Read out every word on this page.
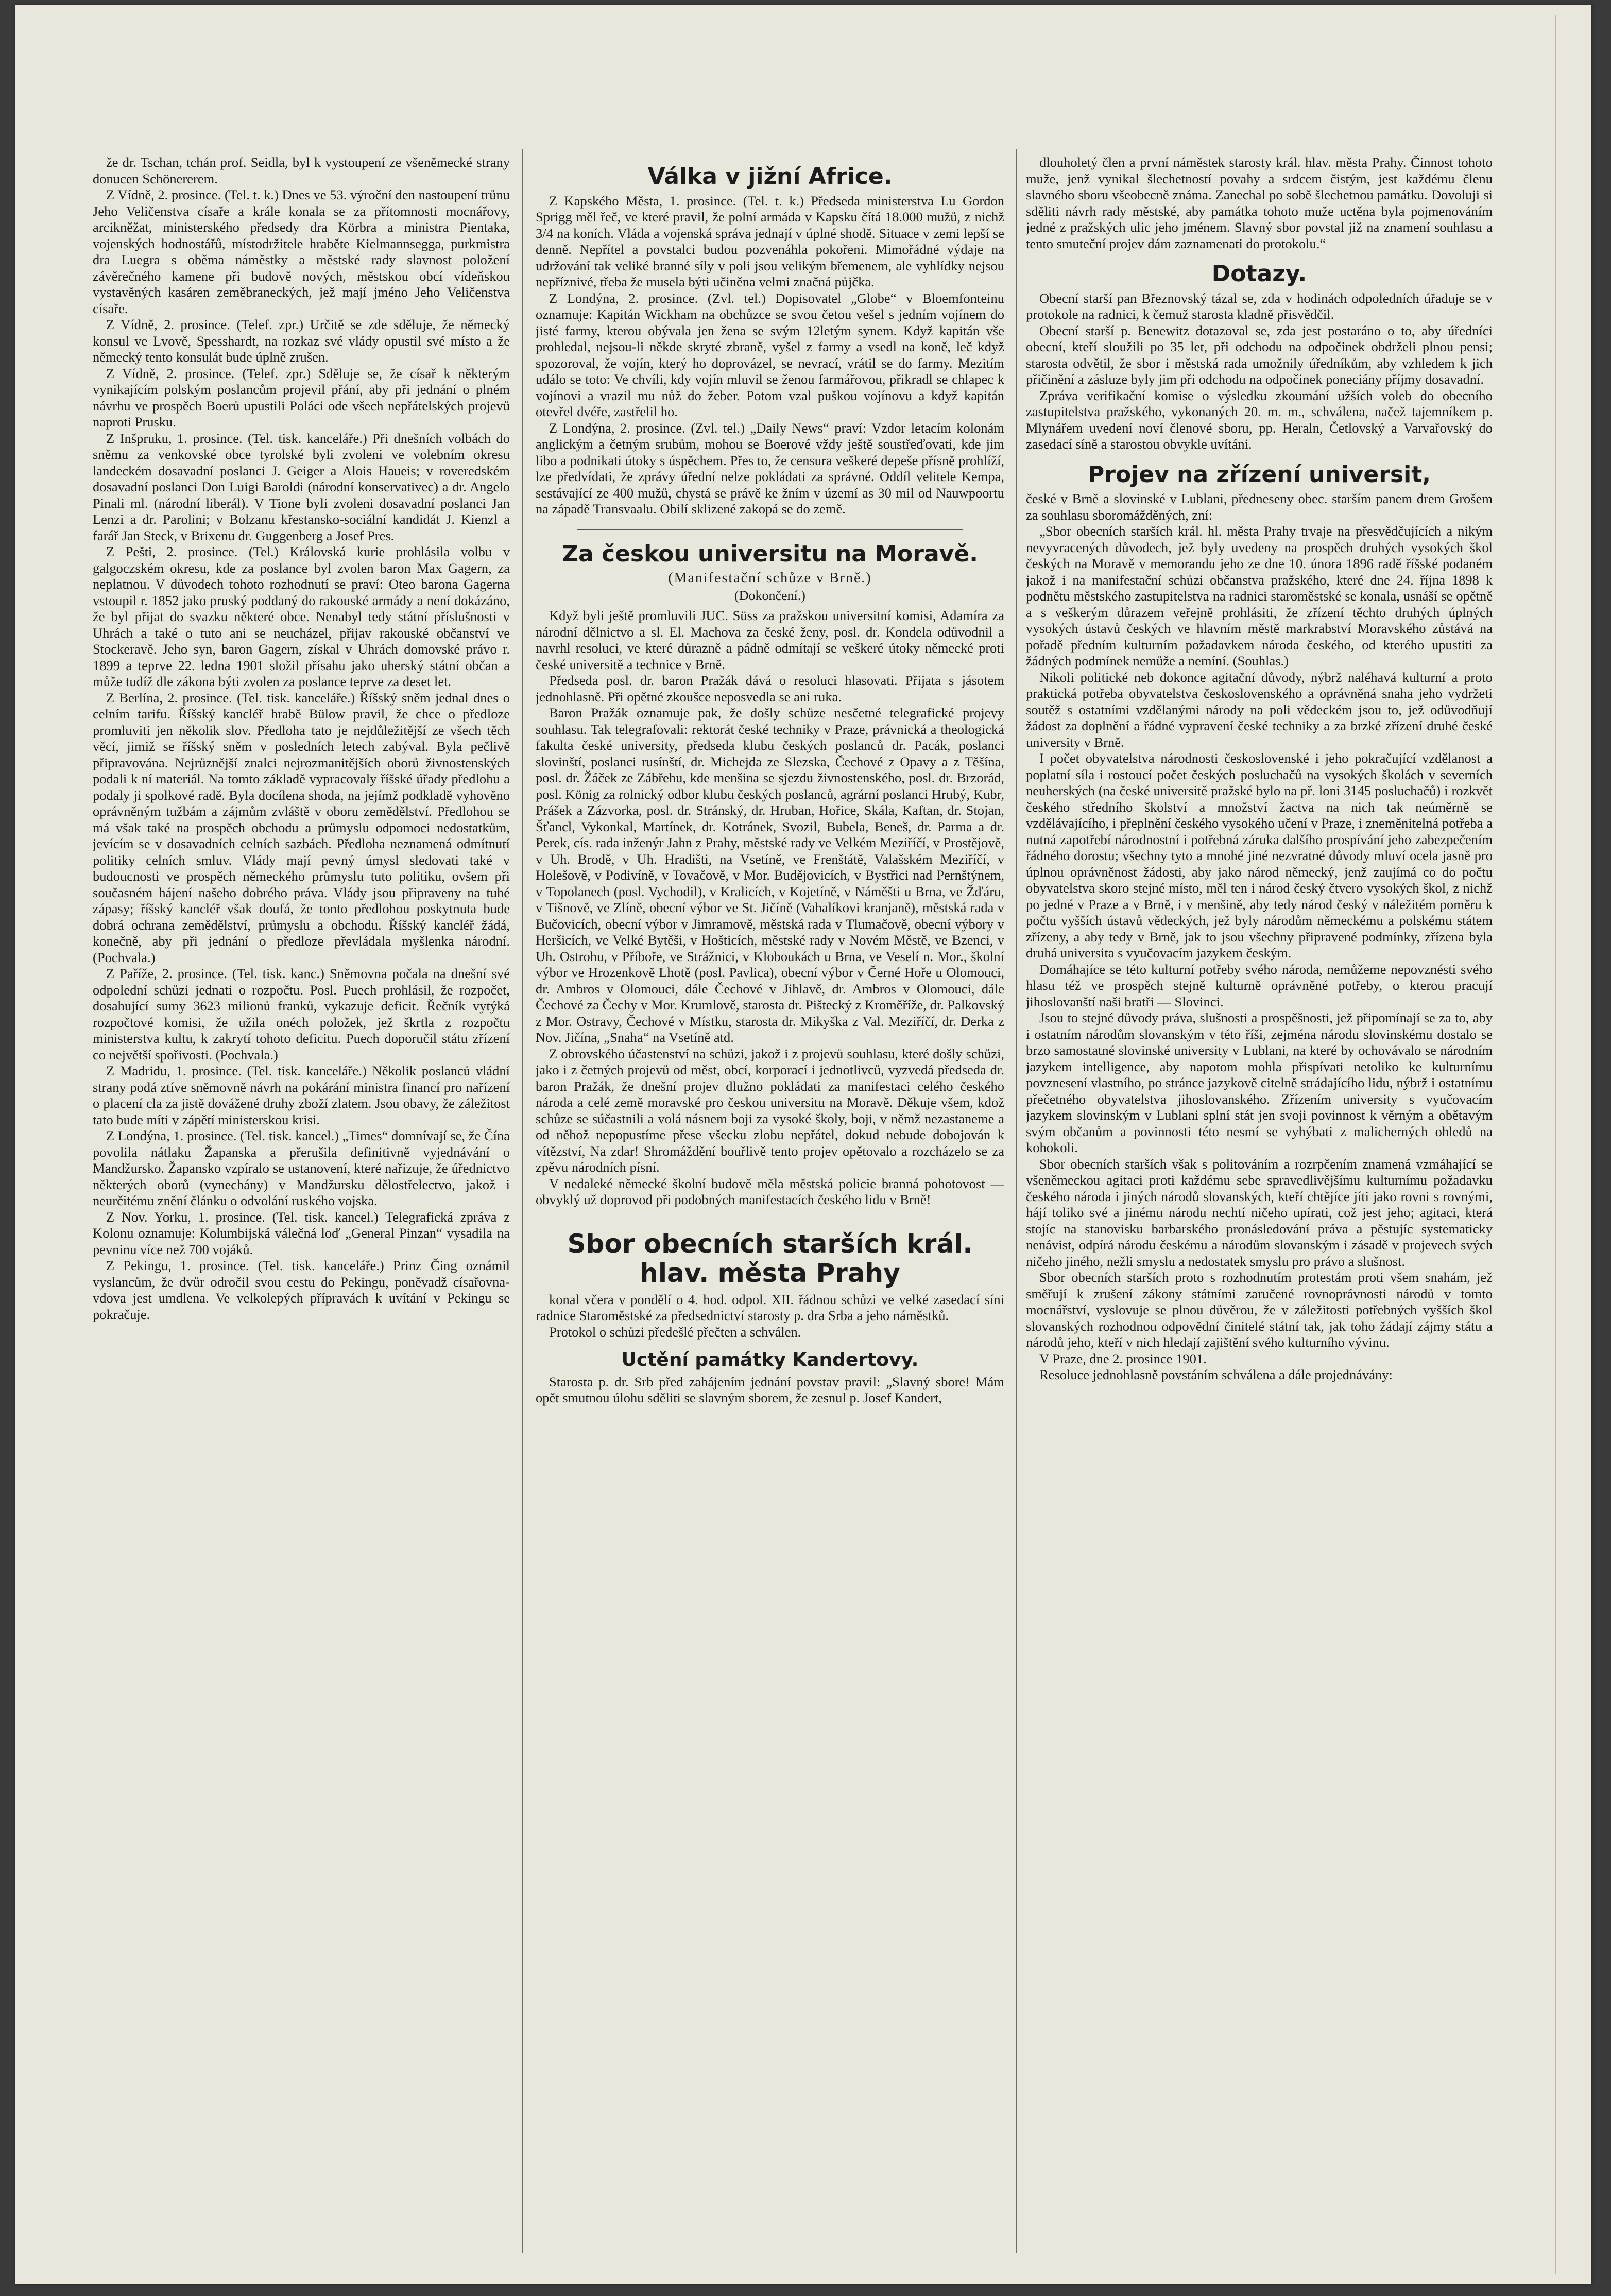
že dr. Tschan, tchán prof. Seidla, byl k vystoupení ze všeněmecké strany donucen Schönererem.

Z Vídně, 2. prosince. (Tel. t. k.) Dnes ve 53. výroční den nastoupení trůnu Jeho Veličenstva císaře a krále konala se za přítomnosti mocnářovy, arcikněžat, ministerského předsedy dra Körbra a ministra Pientaka, vojenských hodnostářů, místodržitele hraběte Kielmannsegga, purkmistra dra Luegra s oběma náměstky a městské rady slavnost položení závěrečného kamene při budově nových, městskou obcí vídeňskou vystavěných kasáren zeměbraneckých, jež mají jméno Jeho Veličenstva císaře.

Z Vídně, 2. prosince. (Telef. zpr.) Určitě se zde sděluje, že německý konsul ve Lvově, Spesshardt, na rozkaz své vlády opustil své místo a že německý tento konsulát bude úplně zrušen.

Z Vídně, 2. prosince. (Telef. zpr.) Sděluje se, že císař k některým vynikajícím polským poslancům projevil přání, aby při jednání o plném návrhu ve prospěch Boerů upustili Poláci ode všech nepřátelských projevů naproti Prusku.

Z Inšpruku, 1. prosince. (Tel. tisk. kanceláře.) Při dnešních volbách do sněmu za venkovské obce tyrolské byli zvoleni ve volebním okresu landeckém dosavadní poslanci J. Geiger a Alois Haueis; v roveredském dosavadní poslanci Don Luigi Baroldi (národní konservativec) a dr. Angelo Pinali ml. (národní liberál). V Tione byli zvoleni dosavadní poslanci Jan Lenzi a dr. Parolini; v Bolzanu křestansko-sociální kandidát J. Kienzl a farář Jan Steck, v Brixenu dr. Guggenberg a Josef Pres.

Z Pešti, 2. prosince. (Tel.) Královská kurie prohlásila volbu v galgoczském okresu, kde za poslance byl zvolen baron Max Gagern, za neplatnou. V důvodech tohoto rozhodnutí se praví: Oteo barona Gagerna vstoupil r. 1852 jako pruský poddaný do rakouské armády a není dokázáno, že byl přijat do svazku některé obce. Nenabyl tedy státní příslušnosti v Uhrách a také o tuto ani se neucházel, přijav rakouské občanství ve Stockeravě. Jeho syn, baron Gagern, získal v Uhrách domovské právo r. 1899 a teprve 22. ledna 1901 složil přísahu jako uherský státní občan a může tudíž dle zákona býti zvolen za poslance teprve za deset let.

Z Berlína, 2. prosince. (Tel. tisk. kanceláře.) Říšský sněm jednal dnes o celním tarifu. Říšský kancléř hrabě Bülow pravil, že chce o předloze promluviti jen několik slov. Předloha tato je nejdůležitější ze všech těch věcí, jimiž se říšský sněm v posledních letech zabýval. Byla pečlivě připravována. Nejrůznější znalci nejrozmanitějších oborů živnostenských podali k ní materiál. Na tomto základě vypracovaly říšské úřady předlohu a podaly ji spolkové radě. Byla docílena shoda, na jejímž podkladě vyhověno oprávněným tužbám a zájmům zvláště v oboru zemědělství. Předlohou se má však také na prospěch obchodu a průmyslu odpomoci nedostatkům, jevícím se v dosavadních celních sazbách. Předloha neznamená odmítnutí politiky celních smluv. Vlády mají pevný úmysl sledovati také v budoucnosti ve prospěch německého průmyslu tuto politiku, ovšem při současném hájení našeho dobrého práva. Vlády jsou připraveny na tuhé zápasy; říšský kancléř však doufá, že tonto předlohou poskytnuta bude dobrá ochrana zemědělství, průmyslu a obchodu. Říšský kancléř žádá, konečně, aby při jednání o předloze převládala myšlenka národní. (Pochvala.)

Z Paříže, 2. prosince. (Tel. tisk. kanc.) Sněmovna počala na dnešní své odpolední schůzi jednati o rozpočtu. Posl. Puech prohlásil, že rozpočet, dosahující sumy 3623 milionů franků, vykazuje deficit. Řečník vytýká rozpočtové komisi, že užila onéch položek, jež škrtla z rozpočtu ministerstva kultu, k zakrytí tohoto deficitu. Puech doporučil státu zřízení co největší spořivosti. (Pochvala.)

Z Madridu, 1. prosince. (Tel. tisk. kanceláře.) Několik poslanců vládní strany podá ztíve sněmovně návrh na pokárání ministra financí pro nařízení o placení cla za jistě dovážené druhy zboží zlatem. Jsou obavy, že záležitost tato bude míti v zápětí ministerskou krisi.

Z Londýna, 1. prosince. (Tel. tisk. kancel.) „Times“ domnívají se, že Čína povolila nátlaku Žapanska a přerušila definitivně vyjednávání o Mandžursko. Žapansko vzpíralo se ustanovení, které nařizuje, že úřednictvo některých oborů (vynechány) v Mandžursku dělostřelectvo, jakož i neurčitému znění článku o odvolání ruského vojska.

Z Nov. Yorku, 1. prosince. (Tel. tisk. kancel.) Telegrafická zpráva z Kolonu oznamuje: Kolumbijská válečná loď „General Pinzan“ vysadila na pevninu více než 700 vojáků.

Z Pekingu, 1. prosince. (Tel. tisk. kanceláře.) Prinz Čing oznámil vyslancům, že dvůr odročil svou cestu do Pekingu, poněvadž císařovna-vdova jest umdlena. Ve velkolepých přípravách k uvítání v Pekingu se pokračuje.

Válka v jižní Africe.

Z Kapského Města, 1. prosince. (Tel. t. k.) Předseda ministerstva Lu Gordon Sprigg měl řeč, ve které pravil, že polní armáda v Kapsku čítá 18.000 mužů, z nichž 3/4 na koních. Vláda a vojenská správa jednají v úplné shodě. Situace v zemi lepší se denně. Nepřítel a povstalci budou pozvenáhla pokořeni. Mimořádné výdaje na udržování tak veliké branné síly v poli jsou velikým břemenem, ale vyhlídky nejsou nepříznivé, třeba že musela býti učiněna velmi značná půjčka.

Z Londýna, 2. prosince. (Zvl. tel.) Dopisovatel „Globe“ v Bloemfonteinu oznamuje: Kapitán Wickham na obchůzce se svou četou vešel s jedním vojínem do jisté farmy, kterou obývala jen žena se svým 12letým synem. Když kapitán vše prohledal, nejsou-li někde skryté zbraně, vyšel z farmy a vsedl na koně, leč když spozoroval, že vojín, který ho doprovázel, se nevrací, vrátil se do farmy. Mezitím událo se toto: Ve chvíli, kdy vojín mluvil se ženou farmářovou, přikradl se chlapec k vojínovi a vrazil mu nůž do žeber. Potom vzal puškou vojínovu a když kapitán otevřel dvéře, zastřelil ho.

Z Londýna, 2. prosince. (Zvl. tel.) „Daily News“ praví: Vzdor letacím kolonám anglickým a četným srubům, mohou se Boerové vždy ještě soustřeďovati, kde jim libo a podnikati útoky s úspěchem. Přes to, že censura veškeré depeše přísně prohlíží, lze předvídati, že zprávy úřední nelze pokládati za správné. Oddíl velitele Kempa, sestávající ze 400 mužů, chystá se právě ke žním v území as 30 mil od Nauwpoortu na západě Transvaalu. Obilí sklizené zakopá se do země.

Za českou universitu na Moravě.

(Manifestační schůze v Brně.)

(Dokončení.)

Když byli ještě promluvili JUC. Süss za pražskou universitní komisi, Adamíra za národní dělnictvo a sl. El. Machova za české ženy, posl. dr. Kondela odůvodnil a navrhl resoluci, ve které důrazně a pádně odmítají se veškeré útoky německé proti české universitě a technice v Brně.

Předseda posl. dr. baron Pražák dává o resoluci hlasovati. Přijata s jásotem jednohlasně. Při opětné zkoušce neposvedla se ani ruka.

Baron Pražák oznamuje pak, že došly schůze nesčetné telegrafické projevy souhlasu. Tak telegrafovali: rektorát české techniky v Praze, právnická a theologická fakulta české university, předseda klubu českých poslanců dr. Pacák, poslanci slovinští, poslanci rusínští, dr. Michejda ze Slezska, Čechové z Opavy a z Těšína, posl. dr. Žáček ze Zábřehu, kde menšina se sjezdu živnostenského, posl. dr. Brzorád, posl. König za rolnický odbor klubu českých poslanců, agrární poslanci Hrubý, Kubr, Prášek a Zázvorka, posl. dr. Stránský, dr. Hruban, Hořice, Skála, Kaftan, dr. Stojan, Šťancl, Vykonkal, Martínek, dr. Kotránek, Svozil, Bubela, Beneš, dr. Parma a dr. Perek, cís. rada inženýr Jahn z Prahy, městské rady ve Velkém Meziříčí, v Prostějově, v Uh. Brodě, v Uh. Hradišti, na Vsetíně, ve Frenštátě, Valašském Meziříčí, v Holešově, v Podivíně, v Tovačově, v Mor. Budějovicích, v Bystřici nad Pernštýnem, v Topolanech (posl. Vychodil), v Kralicích, v Kojetíně, v Náměšti u Brna, ve Žďáru, v Tišnově, ve Zlíně, obecní výbor ve St. Jičíně (Vahalíkovi kranjaně), městská rada v Bučovicích, obecní výbor v Jimramově, městská rada v Tlumačově, obecní výbory v Heršicích, ve Velké Bytěši, v Hošticích, městské rady v Novém Městě, ve Bzenci, v Uh. Ostrohu, v Příboře, ve Strážnici, v Kloboukách u Brna, ve Veselí n. Mor., školní výbor ve Hrozenkově Lhotě (posl. Pavlica), obecní výbor v Černé Hoře u Olomouci, dr. Ambros v Olomouci, dále Čechové v Jihlavě, dr. Ambros v Olomouci, dále Čechové za Čechy v Mor. Krumlově, starosta dr. Pištecký z Kroměříže, dr. Palkovský z Mor. Ostravy, Čechové v Místku, starosta dr. Mikyška z Val. Meziříčí, dr. Derka z Nov. Jičína, „Snaha“ na Vsetíně atd.

Z obrovského účastenství na schůzi, jakož i z projevů souhlasu, které došly schůzi, jako i z četných projevů od měst, obcí, korporací i jednotlivců, vyzvedá předseda dr. baron Pražák, že dnešní projev dlužno pokládati za manifestaci celého českého národa a celé země moravské pro českou universitu na Moravě. Děkuje všem, kdož schůze se súčastnili a volá násnem boji za vysoké školy, boji, v němž nezastaneme a od něhož nepopustíme přese všecku zlobu nepřátel, dokud nebude dobojován k vítězství, Na zdar! Shromáždění bouřlivě tento projev opětovalo a rozcházelo se za zpěvu národních písní.

V nedaleké německé školní budově měla městská policie branná pohotovost — obvyklý už doprovod při podobných manifestacích českého lidu v Brně!

Sbor obecních starších král. hlav. města Prahy

konal včera v pondělí o 4. hod. odpol. XII. řádnou schůzi ve velké zasedací síni radnice Staroměstské za předsednictví starosty p. dra Srba a jeho náměstků.

Protokol o schůzi předešlé přečten a schválen.

Uctění památky Kandertovy.

Starosta p. dr. Srb před zahájením jednání povstav pravil: „Slavný sbore! Mám opět smutnou úlohu sděliti se slavným sborem, že zesnul p. Josef Kandert,

dlouholetý člen a první náměstek starosty král. hlav. města Prahy. Činnost tohoto muže, jenž vynikal šlechetností povahy a srdcem čistým, jest každému členu slavného sboru všeobecně známa. Zanechal po sobě šlechetnou památku. Dovoluji si sděliti návrh rady městské, aby památka tohoto muže uctěna byla pojmenováním jedné z pražských ulic jeho jménem. Slavný sbor povstal již na znamení souhlasu a tento smuteční projev dám zaznamenati do protokolu.“

Dotazy.

Obecní starší pan Březnovský tázal se, zda v hodinách odpoledních úřaduje se v protokole na radnici, k čemuž starosta kladně přisvědčil.

Obecní starší p. Benewitz dotazoval se, zda jest postaráno o to, aby úředníci obecní, kteří sloužili po 35 let, při odchodu na odpočinek obdrželi plnou pensi; starosta odvětil, že sbor i městská rada umožnily úředníkům, aby vzhledem k jich přičinění a zásluze byly jim při odchodu na odpočinek poneciány příjmy dosavadní.

Zpráva verifikační komise o výsledku zkoumání užších voleb do obecního zastupitelstva pražského, vykonaných 20. m. m., schválena, načež tajemníkem p. Mlynářem uvedení noví členové sboru, pp. Heraln, Četlovský a Varvařovský do zasedací síně a starostou obvykle uvítáni.

Projev na zřízení universit,

české v Brně a slovinské v Lublani, předneseny obec. starším panem drem Grošem za souhlasu sboromážděných, zní:

„Sbor obecních starších král. hl. města Prahy trvaje na přesvědčujících a nikým nevyvracených důvodech, jež byly uvedeny na prospěch druhých vysokých škol českých na Moravě v memorandu jeho ze dne 10. února 1896 radě říšské podaném jakož i na manifestační schůzi občanstva pražského, které dne 24. října 1898 k podnětu městského zastupitelstva na radnici staroměstské se konala, usnáší se opětně a s veškerým důrazem veřejně prohlásiti, že zřízení těchto druhých úplných vysokých ústavů českých ve hlavním městě markrabství Moravského zůstává na pořadě předním kulturním požadavkem národa českého, od kterého upustiti za žádných podmínek nemůže a nemíní. (Souhlas.)

Nikoli politické neb dokonce agitační důvody, nýbrž naléhavá kulturní a proto praktická potřeba obyvatelstva československého a oprávněná snaha jeho vydržeti soutěž s ostatními vzdělanými národy na poli vědeckém jsou to, jež odůvodňují žádost za doplnění a řádné vypravení české techniky a za brzké zřízení druhé české university v Brně.

I počet obyvatelstva národnosti československé i jeho pokračující vzdělanost a poplatní síla i rostoucí počet českých posluchačů na vysokých školách v severních neuherských (na české universitě pražské bylo na př. loni 3145 posluchačů) i rozkvět českého středního školství a množství žactva na nich tak neúměrně se vzdělávajícího, i přeplnění českého vysokého učení v Praze, i zneměnitelná potřeba a nutná zapotřebí národnostní i potřebná záruka dalšího prospívání jeho zabezpečením řádného dorostu; všechny tyto a mnohé jiné nezvratné důvody mluví ocela jasně pro úplnou oprávněnost žádosti, aby jako národ německý, jenž zaujímá co do počtu obyvatelstva skoro stejné místo, měl ten i národ český čtvero vysokých škol, z nichž po jedné v Praze a v Brně, i v menšině, aby tedy národ český v náležitém poměru k počtu vyšších ústavů vědeckých, jež byly národům německému a polskému státem zřízeny, a aby tedy v Brně, jak to jsou všechny připravené podmínky, zřízena byla druhá universita s vyučovacím jazykem českým.

Domáhajíce se této kulturní potřeby svého národa, nemůžeme nepovznésti svého hlasu též ve prospěch stejně kulturně oprávněné potřeby, o kterou pracují jihoslovanští naši bratři — Slovinci.

Jsou to stejné důvody práva, slušnosti a prospěšnosti, jež připomínají se za to, aby i ostatním národům slovanským v této říši, zejména národu slovinskému dostalo se brzo samostatné slovinské university v Lublani, na které by ochovávalo se národním jazykem intelligence, aby napotom mohla přispívati netoliko ke kulturnímu povznesení vlastního, po stránce jazykově citelně strádajícího lidu, nýbrž i ostatnímu přečetného obyvatelstva jihoslovanského. Zřízením university s vyučovacím jazykem slovinským v Lublani splní stát jen svoji povinnost k věrným a obětavým svým občanům a povinnosti této nesmí se vyhýbati z malicherných ohledů na kohokoli.

Sbor obecních starších však s politováním a rozrpčením znamená vzmáhající se všeněmeckou agitaci proti každému sebe spravedlivějšímu kulturnímu požadavku českého národa i jiných národů slovanských, kteří chtějíce jíti jako rovni s rovnými, hájí toliko své a jinému národu nechtí ničeho upírati, což jest jeho; agitaci, která stojíc na stanovisku barbarského pronásledování práva a pěstujíc systematicky nenávist, odpírá národu českému a národům slovanským i zásadě v projevech svých ničeho jiného, nežli smyslu a nedostatek smyslu pro právo a slušnost.

Sbor obecních starších proto s rozhodnutím protestám proti všem snahám, jež směřují k zrušení zákony státními zaručené rovnoprávnosti národů v tomto mocnářství, vyslovuje se plnou důvěrou, že v záležitosti potřebných vyšších škol slovanských rozhodnou odpovědní činitelé státní tak, jak toho žádají zájmy státu a národů jeho, kteří v nich hledají zajištění svého kulturního vývinu.

V Praze, dne 2. prosince 1901.

Resoluce jednohlasně povstáním schválena a dále projednávány:
